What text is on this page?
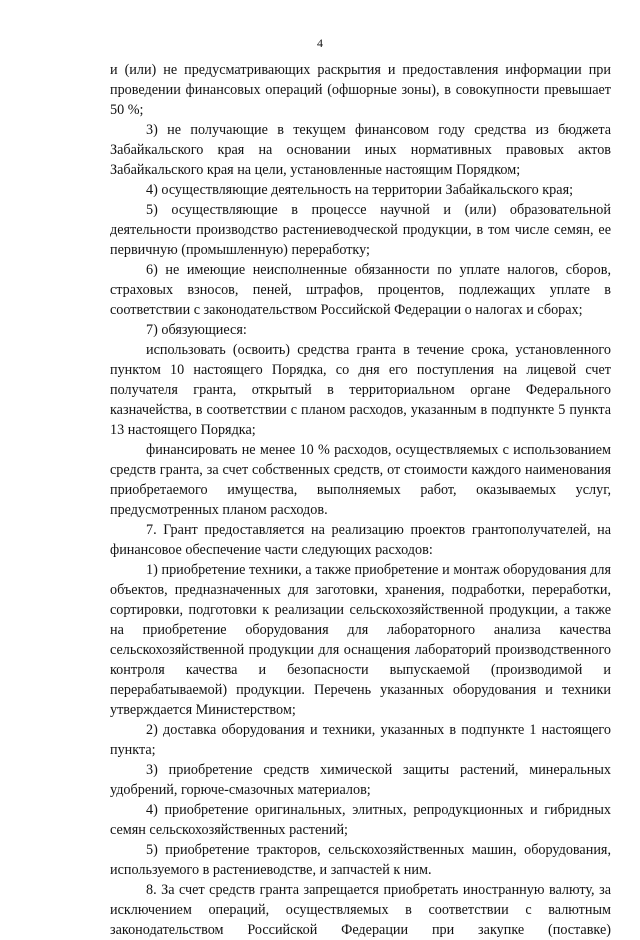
4

и (или) не предусматривающих раскрытия и предоставления информации при проведении финансовых операций (офшорные зоны), в совокупности превышает 50 %;

3) не получающие в текущем финансовом году средства из бюджета Забайкальского края на основании иных нормативных правовых актов Забайкальского края на цели, установленные настоящим Порядком;

4) осуществляющие деятельность на территории Забайкальского края;

5) осуществляющие в процессе научной и (или) образовательной деятельности производство растениеводческой продукции, в том числе семян, ее первичную (промышленную) переработку;

6) не имеющие неисполненные обязанности по уплате налогов, сборов, страховых взносов, пеней, штрафов, процентов, подлежащих уплате в соответствии с законодательством Российской Федерации о налогах и сборах;

7) обязующиеся:

использовать (освоить) средства гранта в течение срока, установленного пунктом 10 настоящего Порядка, со дня его поступления на лицевой счет получателя гранта, открытый в территориальном органе Федерального казначейства, в соответствии с планом расходов, указанным в подпункте 5 пункта 13 настоящего Порядка;

финансировать не менее 10 % расходов, осуществляемых с использованием средств гранта, за счет собственных средств, от стоимости каждого наименования приобретаемого имущества, выполняемых работ, оказываемых услуг, предусмотренных планом расходов.

7. Грант предоставляется на реализацию проектов грантополучателей, на финансовое обеспечение части следующих расходов:

1) приобретение техники, а также приобретение и монтаж оборудования для объектов, предназначенных для заготовки, хранения, подработки, переработки, сортировки, подготовки к реализации сельскохозяйственной продукции, а также на приобретение оборудования для лабораторного анализа качества сельскохозяйственной продукции для оснащения лабораторий производственного контроля качества и безопасности выпускаемой (производимой и перерабатываемой) продукции. Перечень указанных оборудования и техники утверждается Министерством;

2) доставка оборудования и техники, указанных в подпункте 1 настоящего пункта;

3) приобретение средств химической защиты растений, минеральных удобрений, горюче-смазочных материалов;

4) приобретение оригинальных, элитных, репродукционных и гибридных семян сельскохозяйственных растений;

5) приобретение тракторов, сельскохозяйственных машин, оборудования, используемого в растениеводстве, и запчастей к ним.

8. За счет средств гранта запрещается приобретать иностранную валюту, за исключением операций, осуществляемых в соответствии с валютным законодательством Российской Федерации при закупке (поставке)
